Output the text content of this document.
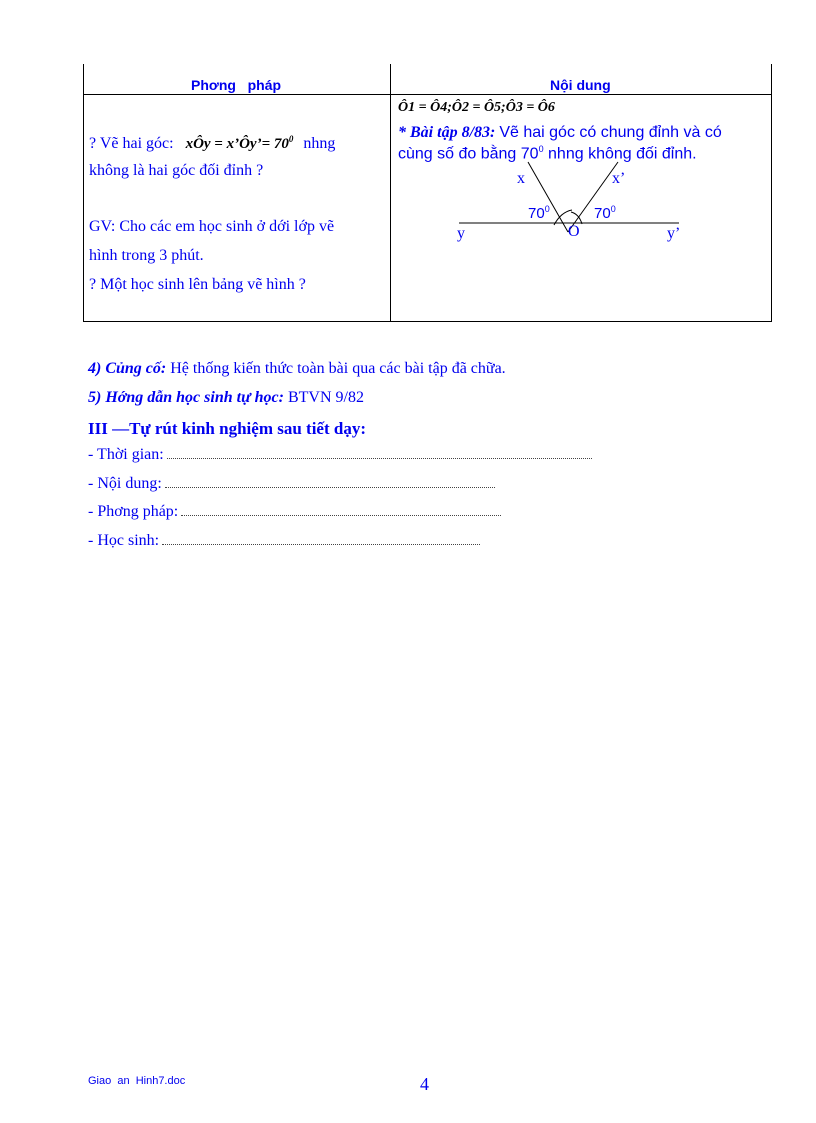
Phơng   pháp	Nội dung
? Vẽ hai góc: xÔy = x’Ôy’= $70^0$ nhng
không là hai góc đối đỉnh ?
GV: Cho các em học sinh ở dới lớp vẽ
hình trong 3 phút.
? Một học sinh lên bảng vẽ hình ?
Ô1 = Ô4;Ô2 = Ô5;Ô3 = Ô6
* Bài tập 8/83: Vẽ hai góc có chung đỉnh và có
cùng số đo bằng $70^0$ nhng không đối đỉnh.
x	x’
y	y’
O
$70^0$	$70^0$
4) Củng cố: Hệ thống kiến thức toàn bài qua các bài tập đã chữa.
5) Hớng dẫn học sinh tự học: BTVN 9/82
III —Tự rút kinh nghiệm sau tiết dạy:
- Thời gian:
- Nội dung:
- Phơng pháp:
- Học sinh:
Giao  an  Hinh7.doc	4
